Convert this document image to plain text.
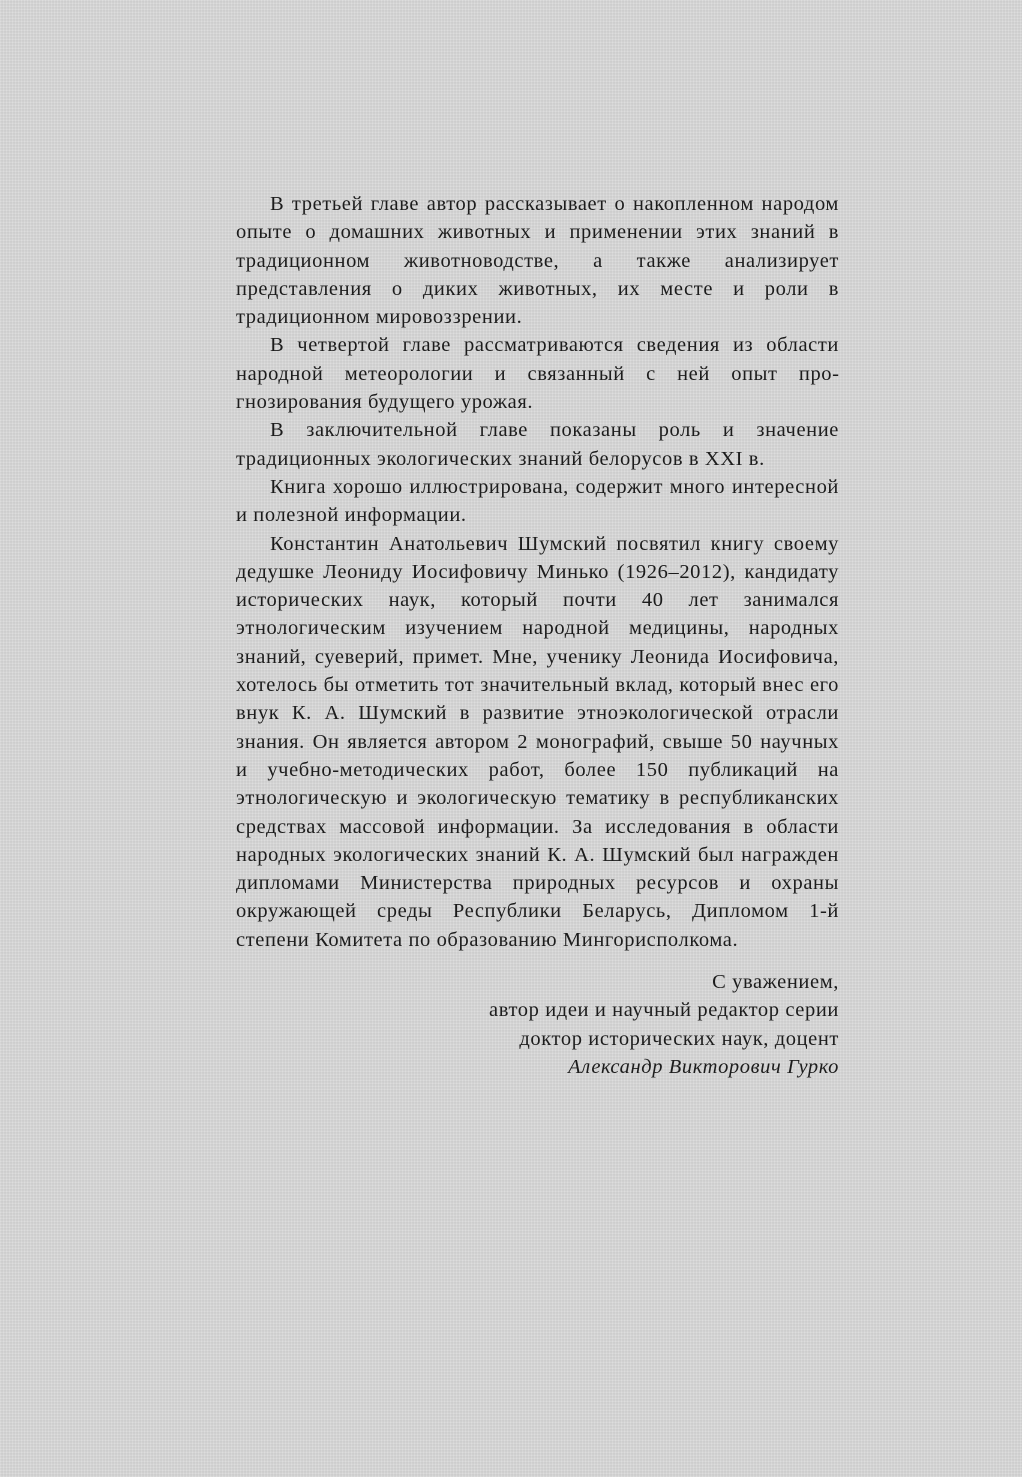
В третьей главе автор рассказывает о накопленном народом опыте о домашних животных и применении этих знаний в традиционном животноводстве, а также анализирует представления о диких животных, их месте и роли в традиционном мировоззрении.

В четвертой главе рассматриваются сведения из области народной метеорологии и связанный с ней опыт прогнозирования будущего урожая.

В заключительной главе показаны роль и значение традиционных экологических знаний белорусов в XXI в.

Книга хорошо иллюстрирована, содержит много интересной и полезной информации.

Константин Анатольевич Шумский посвятил книгу своему дедушке Леониду Иосифовичу Минько (1926–2012), кандидату исторических наук, который почти 40 лет занимался этнологическим изучением народной медицины, народных знаний, суеверий, примет. Мне, ученику Леонида Иосифовича, хотелось бы отметить тот значительный вклад, который внес его внук К. А. Шумский в развитие этноэкологической отрасли знания. Он является автором 2 монографий, свыше 50 научных и учебно-методических работ, более 150 публикаций на этнологическую и экологическую тематику в республиканских средствах массовой информации. За исследования в области народных экологических знаний К. А. Шумский был награжден дипломами Министерства природных ресурсов и охраны окружающей среды Республики Беларусь, Дипломом 1-й степени Комитета по образованию Мингорисполкома.

С уважением,
автор идеи и научный редактор серии
доктор исторических наук, доцент
Александр Викторович Гурко
